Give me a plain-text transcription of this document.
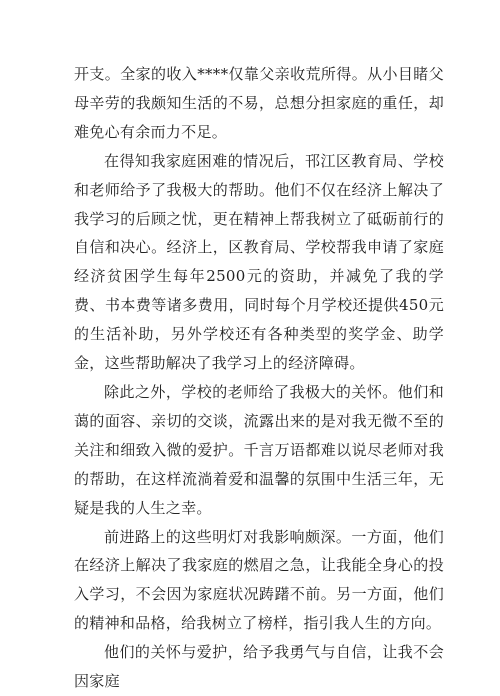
开支。全家的收入****仅靠父亲收荒所得。从小目睹父母辛劳的我颇知生活的不易，总想分担家庭的重任，却难免心有余而力不足。

在得知我家庭困难的情况后，邗江区教育局、学校和老师给予了我极大的帮助。他们不仅在经济上解决了我学习的后顾之忧，更在精神上帮我树立了砥砺前行的自信和决心。经济上，区教育局、学校帮我申请了家庭经济贫困学生每年2500元的资助，并减免了我的学费、书本费等诸多费用，同时每个月学校还提供450元的生活补助，另外学校还有各种类型的奖学金、助学金，这些帮助解决了我学习上的经济障碍。

除此之外，学校的老师给了我极大的关怀。他们和蔼的面容、亲切的交谈，流露出来的是对我无微不至的关注和细致入微的爱护。千言万语都难以说尽老师对我的帮助，在这样流淌着爱和温馨的氛围中生活三年，无疑是我的人生之幸。

前进路上的这些明灯对我影响颇深。一方面，他们在经济上解决了我家庭的燃眉之急，让我能全身心的投入学习，不会因为家庭状况踌躇不前。另一方面，他们的精神和品格，给我树立了榜样，指引我人生的方向。

他们的关怀与爱护，给予我勇气与自信，让我不会因家庭
